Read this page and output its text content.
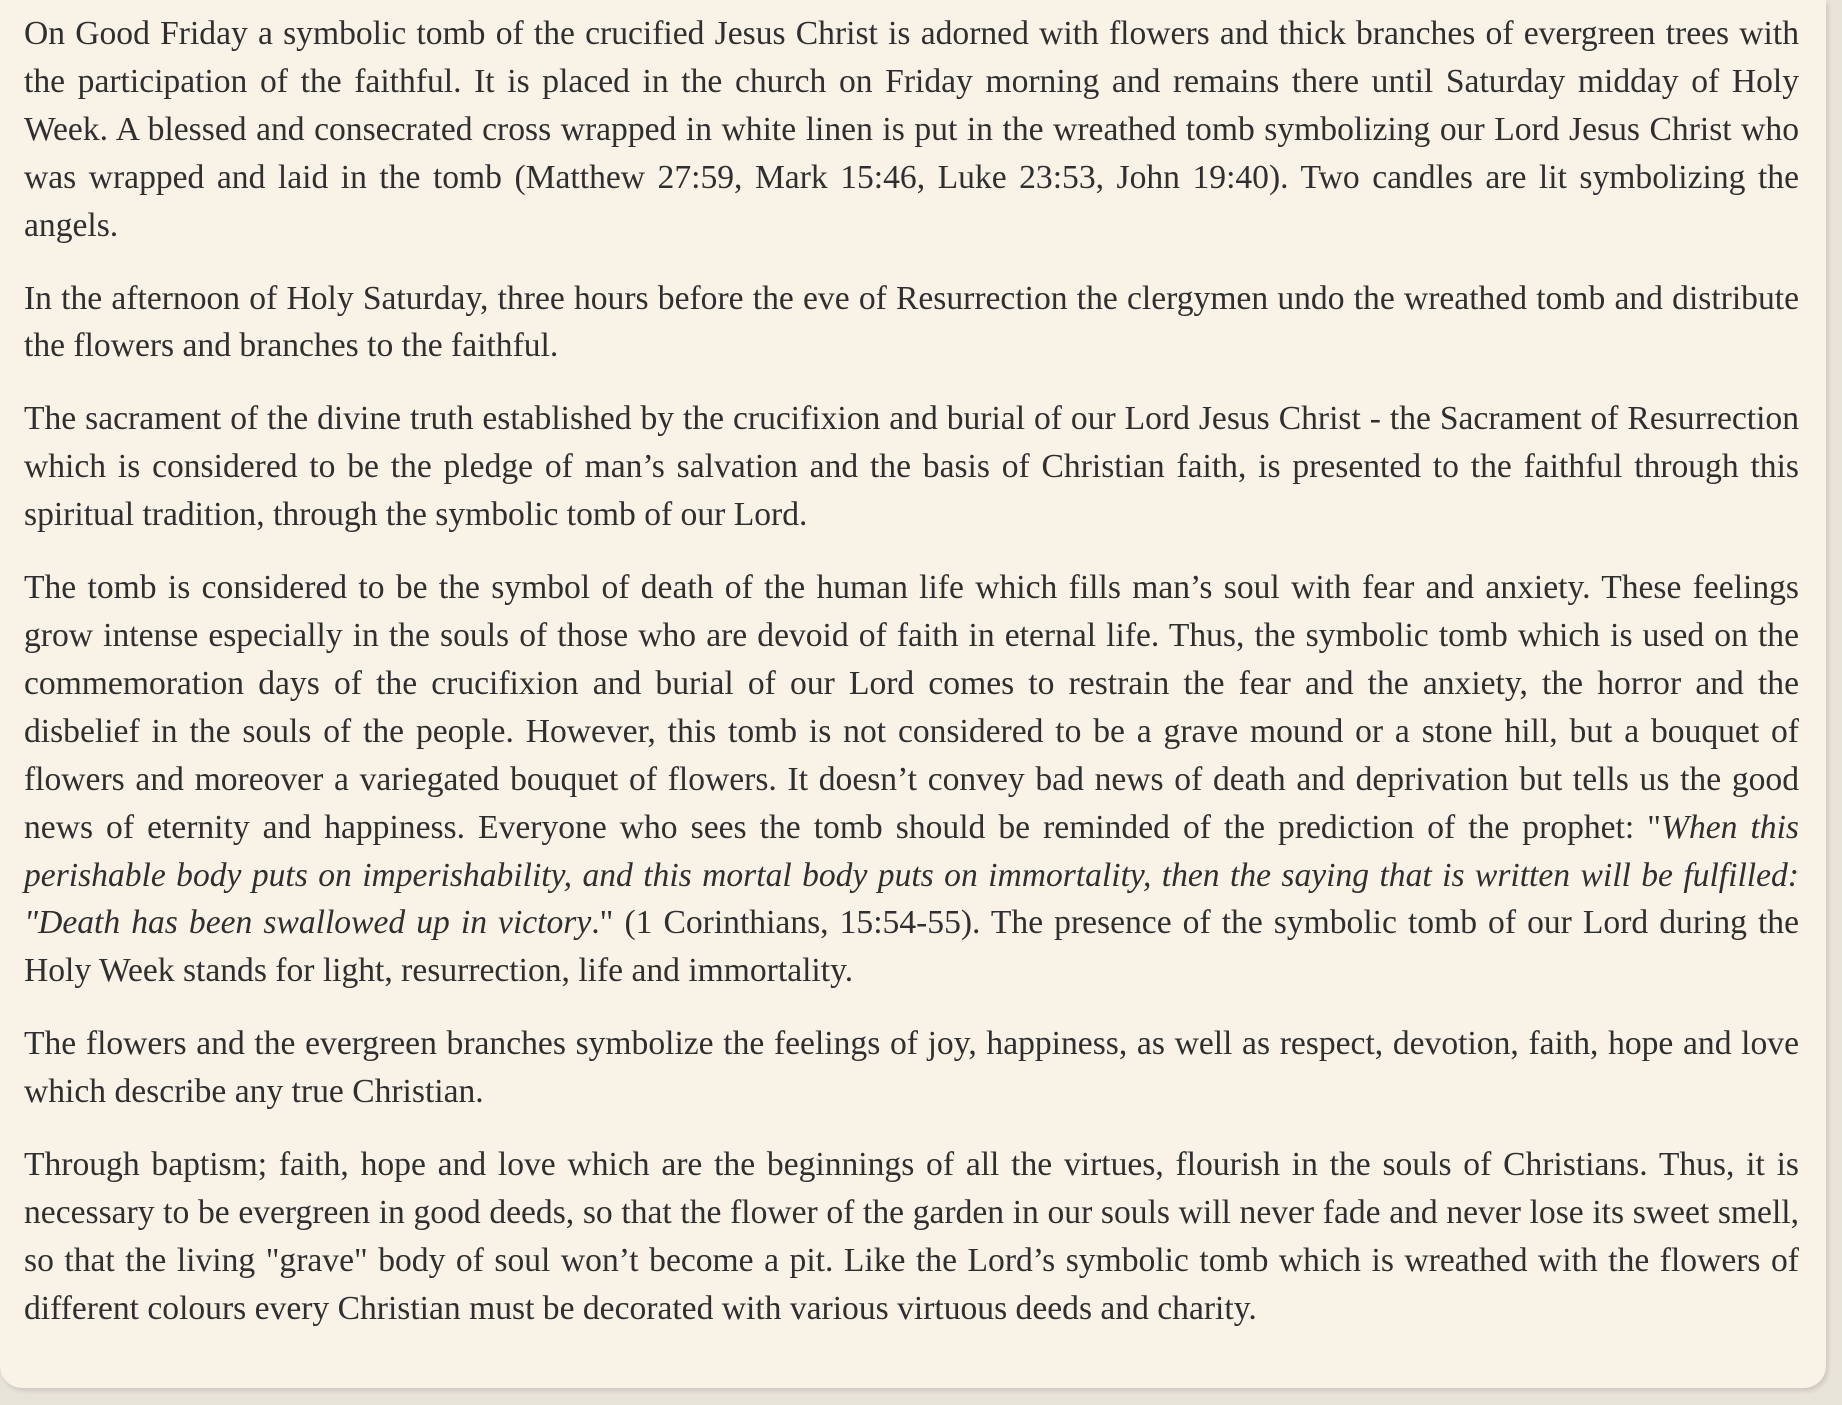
On Good Friday a symbolic tomb of the crucified Jesus Christ is adorned with flowers and thick branches of evergreen trees with the participation of the faithful. It is placed in the church on Friday morning and remains there until Saturday midday of Holy Week. A blessed and consecrated cross wrapped in white linen is put in the wreathed tomb symbolizing our Lord Jesus Christ who was wrapped and laid in the tomb (Matthew 27:59, Mark 15:46, Luke 23:53, John 19:40). Two candles are lit symbolizing the angels.

In the afternoon of Holy Saturday, three hours before the eve of Resurrection the clergymen undo the wreathed tomb and distribute the flowers and branches to the faithful.

The sacrament of the divine truth established by the crucifixion and burial of our Lord Jesus Christ - the Sacrament of Resurrection which is considered to be the pledge of man’s salvation and the basis of Christian faith, is presented to the faithful through this spiritual tradition, through the symbolic tomb of our Lord.

The tomb is considered to be the symbol of death of the human life which fills man’s soul with fear and anxiety. These feelings grow intense especially in the souls of those who are devoid of faith in eternal life. Thus, the symbolic tomb which is used on the commemoration days of the crucifixion and burial of our Lord comes to restrain the fear and the anxiety, the horror and the disbelief in the souls of the people. However, this tomb is not considered to be a grave mound or a stone hill, but a bouquet of flowers and moreover a variegated bouquet of flowers. It doesn’t convey bad news of death and deprivation but tells us the good news of eternity and happiness. Everyone who sees the tomb should be reminded of the prediction of the prophet: "When this perishable body puts on imperishability, and this mortal body puts on immortality, then the saying that is written will be fulfilled: "Death has been swallowed up in victory." (1 Corinthians, 15:54-55). The presence of the symbolic tomb of our Lord during the Holy Week stands for light, resurrection, life and immortality.

The flowers and the evergreen branches symbolize the feelings of joy, happiness, as well as respect, devotion, faith, hope and love which describe any true Christian.

Through baptism; faith, hope and love which are the beginnings of all the virtues, flourish in the souls of Christians. Thus, it is necessary to be evergreen in good deeds, so that the flower of the garden in our souls will never fade and never lose its sweet smell, so that the living "grave" body of soul won’t become a pit. Like the Lord’s symbolic tomb which is wreathed with the flowers of different colours every Christian must be decorated with various virtuous deeds and charity.
